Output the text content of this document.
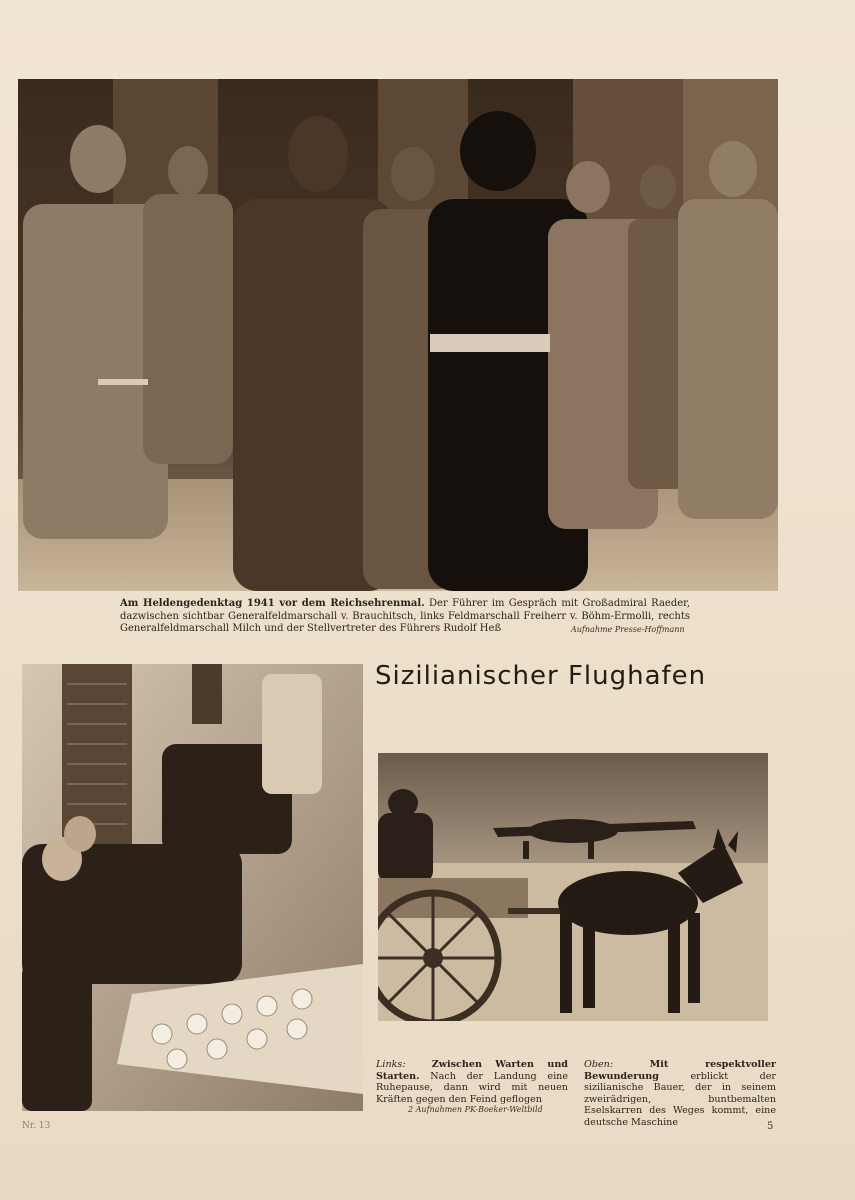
Am Heldengedenktag 1941 vor dem Reichsehrenmal. Der Führer im Gespräch mit Großadmiral Raeder, dazwischen sichtbar Generalfeldmarschall v. Brauchitsch, links Feldmarschall Freiherr v. Böhm-Ermolli, rechts Generalfeldmarschall Milch und der Stellvertreter des Führers Rudolf Heß	Aufnahme Presse-Hoffmann
Sizilianischer Flughafen
Links:	Zwischen Warten und Starten. Nach der Landung eine Ruhepause, dann wird mit neuen Kräften gegen den Feind geflogen
2 Aufnahmen PK-Boeker-Weltbild
Oben:	Mit respektvoller Bewunderung erblickt der sizilianische Bauer, der in seinem zweirädrigen, buntbemalten Eselskarren des Weges kommt, eine deutsche Maschine
Nr. 13	5
